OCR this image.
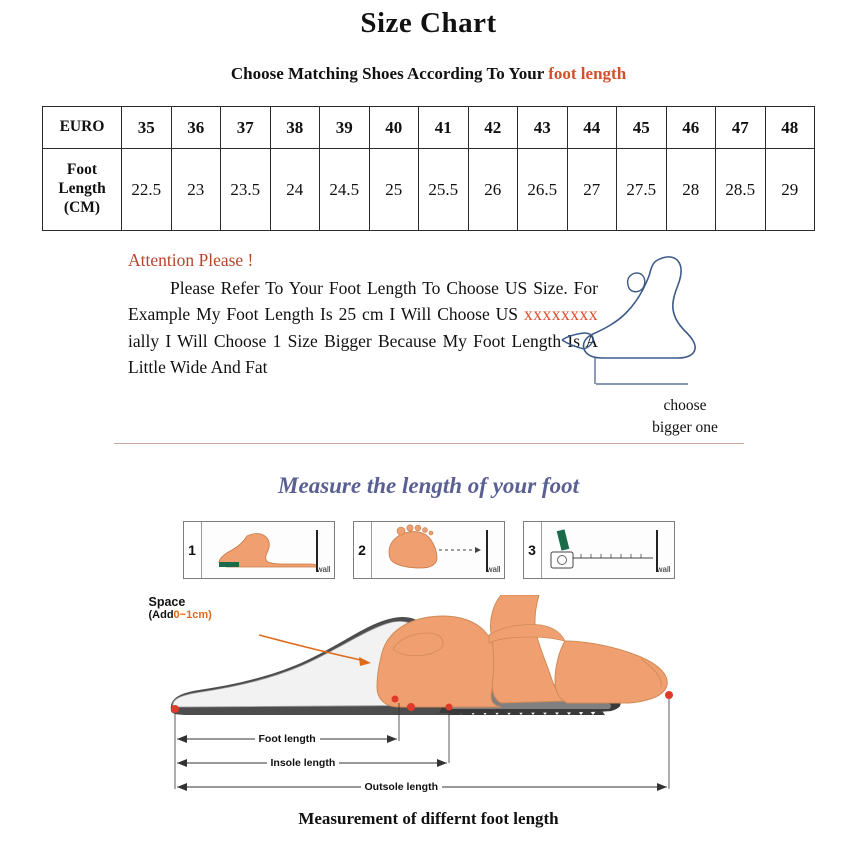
Size Chart
Choose Matching Shoes According To Your foot length
EURO	35	36	37	38	39	40	41	42	43	44	45	46	47	48

Foot
Length
(CM)	22.5	23	23.5	24	24.5	25	25.5	26	26.5	27	27.5	28	28.5	29
Attention Please !
Please Refer To Your Foot Length To Choose US Size. For Example My Foot Length Is 25 cm I Will Choose US xxxxxxxx ially I Will Choose 1 Size Bigger Because My Foot Length Is A Little Wide And Fat
choose
bigger one
Measure the length of your foot
1
wall
2
wall
3
wall
Space
(Add0~1cm)
Foot length
Insole length
Outsole length
Measurement of differnt foot length
